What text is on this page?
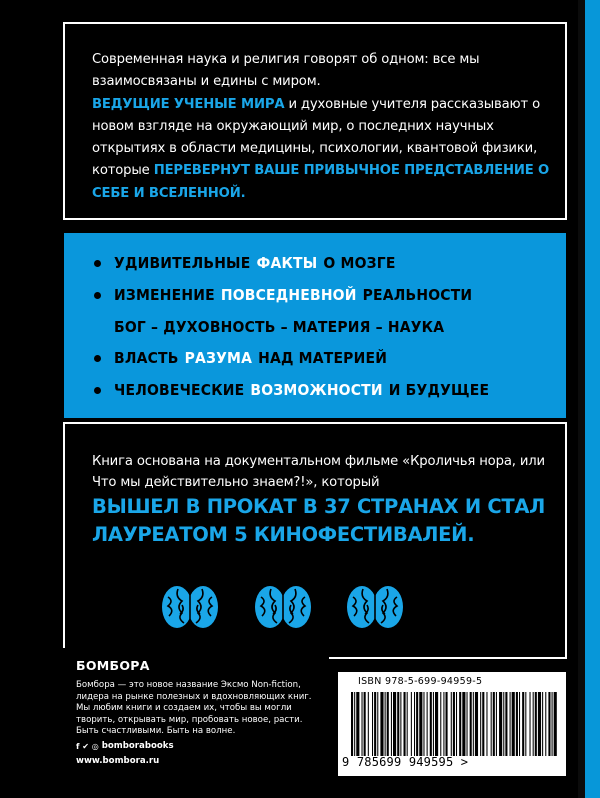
Современная наука и религия говорят об одном: все мы взаимосвязаны и едины с миром.
ВЕДУЩИЕ УЧЕНЫЕ МИРА и духовные учителя рассказывают о новом взгляде на окружающий мир, о последних научных открытиях в области медицины, психологии, квантовой физики, которые ПЕРЕВЕРНУТ ВАШЕ ПРИВЫЧНОЕ ПРЕДСТАВЛЕНИЕ О СЕБЕ И ВСЕЛЕННОЙ.
УДИВИТЕЛЬНЫЕ ФАКТЫ О МОЗГЕ
ИЗМЕНЕНИЕ ПОВСЕДНЕВНОЙ РЕАЛЬНОСТИ
БОГ – ДУХОВНОСТЬ – МАТЕРИЯ – НАУКА
ВЛАСТЬ РАЗУМА НАД МАТЕРИЕЙ
ЧЕЛОВЕЧЕСКИЕ ВОЗМОЖНОСТИ И БУДУЩЕЕ
Книга основана на документальном фильме «Кроличья нора, или Что мы действительно знаем?!», который
ВЫШЕЛ В ПРОКАТ В 37 СТРАНАХ И СТАЛ ЛАУРЕАТОМ 5 КИНОФЕСТИВАЛЕЙ.
БОМБОРА
Бомбора — это новое название Эксмо Non-fiction, лидера на рынке полезных и вдохновляющих книг. Мы любим книги и создаем их, чтобы вы могли творить, открывать мир, пробовать новое, расти. Быть счастливыми. Быть на волне.
f ✔ ◎ bomborabooks
www.bombora.ru
ISBN 978-5-699-94959-5
9 785699 949595 >
